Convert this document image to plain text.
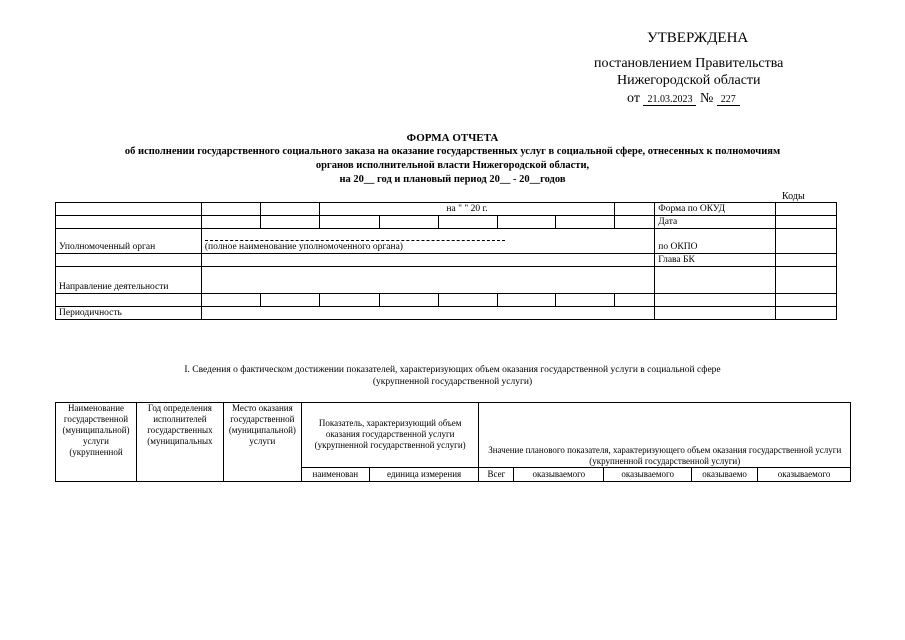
УТВЕРЖДЕНА
постановлением Правительства
Нижегородской области
от 21.03.2023 № 227
ФОРМА ОТЧЕТА
об исполнении государственного социального заказа на оказание государственных услуг в социальной сфере, отнесенных к полномочиям
органов исполнительной власти Нижегородской области,
на 20__ год и плановый период 20__ - 20__годов
Коды
			на " " 20 г.						Форма по ОКУД	
									Дата	
Уполномоченный орган	(полное наименование уполномоченного органа)								по ОКПО	
									Глава БК	
Направление деятельности										

Периодичность										
I. Сведения о фактическом достижении показателей, характеризующих объем оказания государственной услуги в социальной сфере
(укрупненной государственной услуги)
Наименование государственной (муниципальной) услуги (укрупненной	Год определения исполнителей государственных (муниципальных	Место оказания государственной (муниципальной) услуги	Показатель, характеризующий объем оказания государственной услуги (укрупненной государственной услуги)		Значение планового показателя, характеризующего объем оказания государственной услуги (укрупненной государственной услуги)				
			наименован	единица измерения	Всег	оказываемого	оказываемого	оказываемо	оказываемого
